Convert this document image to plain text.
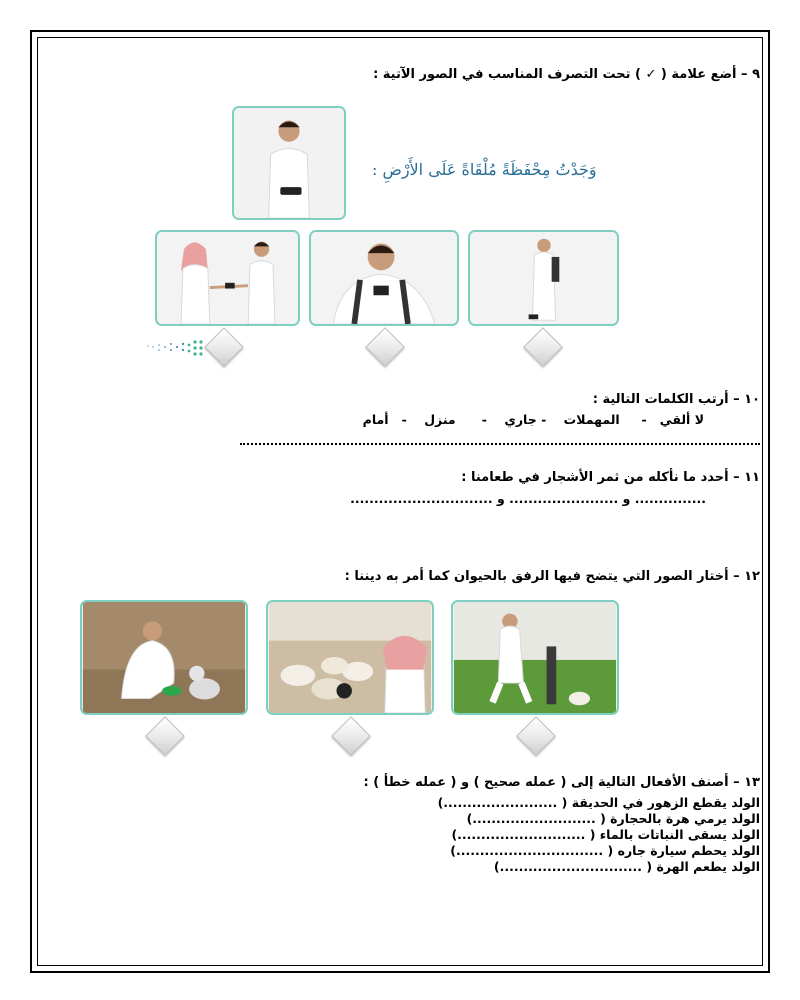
٩ – أضع علامة ( ✓ ) تحت التصرف المناسب في الصور الآتية :
وَجَدْتُ مِحْفَظَةً مُلْقَاةً عَلَى الأَرْضِ :
١٠ – أرتب الكلمات التالية :
لا ألقي   -     المهملات    - جاري    -      منزل    -   أمام
١١ – أحدد ما نأكله من ثمر الأشجار في طعامنا :
............... و ....................... و ..............................
١٢ – أختار الصور التي يتضح فيها الرفق بالحيوان كما أمر به ديننا :
١٣ – أصنف الأفعال التالية إلى ( عمله صحيح ) و ( عمله خطأ ) :
الولد يقطع الزهور في الحديقة ( ........................)
الولد يرمي هرة بالحجارة ( ..........................)
الولد يسقى النباتات بالماء ( ...........................)
الولد يحطم سيارة جاره ( ...............................)
الولد يطعم الهرة ( ..............................)
